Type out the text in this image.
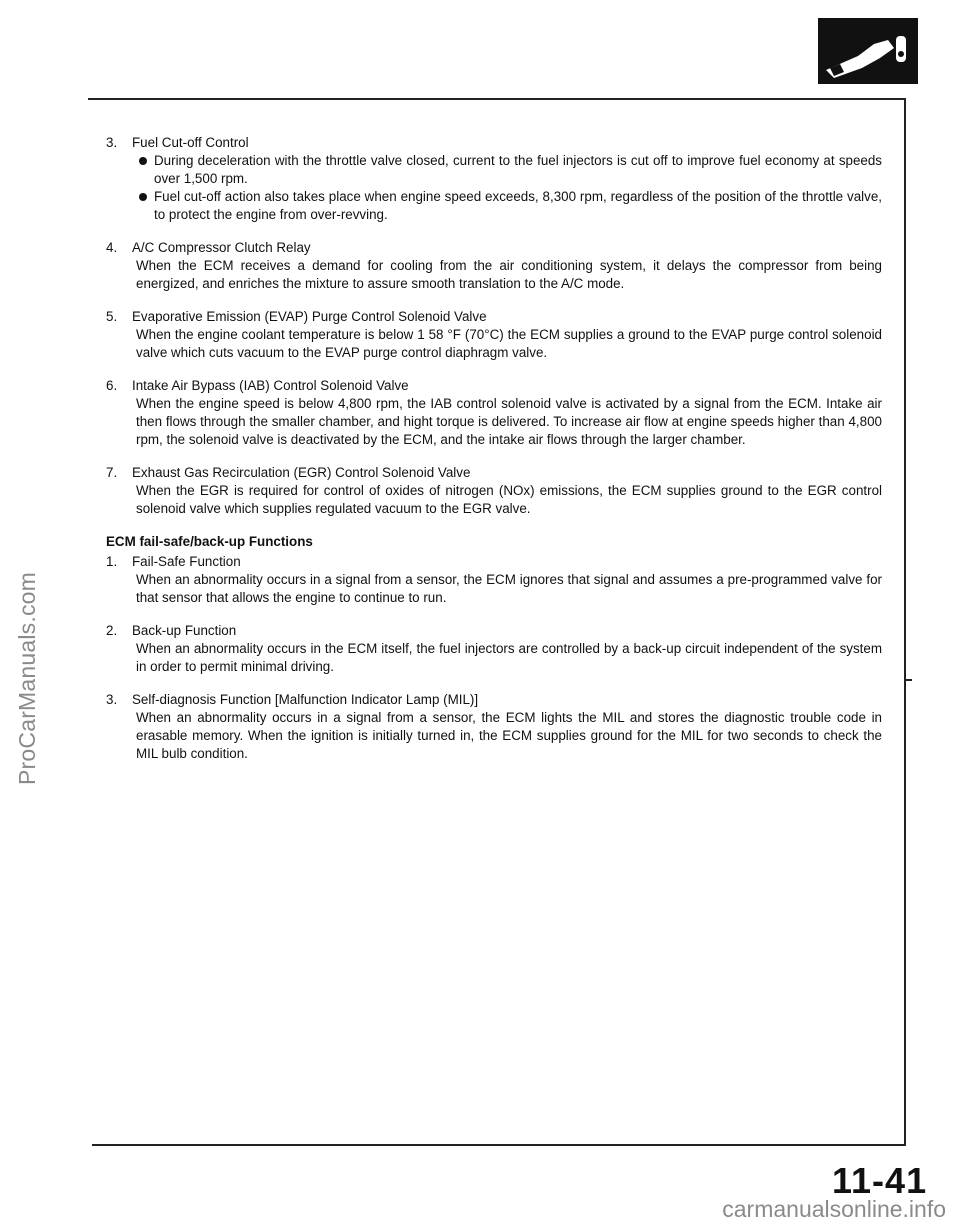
ProCarManuals.com

3. Fuel Cut-off Control

During deceleration with the throttle valve closed, current to the fuel injectors is cut off to improve fuel economy at speeds over 1,500 rpm.
Fuel cut-off action also takes place when engine speed exceeds, 8,300 rpm, regardless of the position of the throttle valve, to protect the engine from over-revving.

4. A/C Compressor Clutch Relay

When the ECM receives a demand for cooling from the air conditioning system, it delays the compressor from being energized, and enriches the mixture to assure smooth translation to the A/C mode.

5. Evaporative Emission (EVAP) Purge Control Solenoid Valve

When the engine coolant temperature is below 1 58 °F (70°C) the ECM supplies a ground to the EVAP purge control solenoid valve which cuts vacuum to the EVAP purge control diaphragm valve.

6. Intake Air Bypass (IAB) Control Solenoid Valve

When the engine speed is below 4,800 rpm, the IAB control solenoid valve is activated by a signal from the ECM. Intake air then flows through the smaller chamber, and hight torque is delivered. To increase air flow at engine speeds higher than 4,800 rpm, the solenoid valve is deactivated by the ECM, and the intake air flows through the larger chamber.

7. Exhaust Gas Recirculation (EGR) Control Solenoid Valve

When the EGR is required for control of oxides of nitrogen (NOx) emissions, the ECM supplies ground to the EGR control solenoid valve which supplies regulated vacuum to the EGR valve.

ECM fail-safe/back-up Functions

1. Fail-Safe Function

When an abnormality occurs in a signal from a sensor, the ECM ignores that signal and assumes a pre-programmed valve for that sensor that allows the engine to continue to run.

2. Back-up Function

When an abnormality occurs in the ECM itself, the fuel injectors are controlled by a back-up circuit independent of the system in order to permit minimal driving.

3. Self-diagnosis Function [Malfunction Indicator Lamp (MIL)]

When an abnormality occurs in a signal from a sensor, the ECM lights the MIL and stores the diagnostic trouble code in erasable memory. When the ignition is initially turned in, the ECM supplies ground for the MIL for two seconds to check the MIL bulb condition.
11-41
carmanualsonline.info
